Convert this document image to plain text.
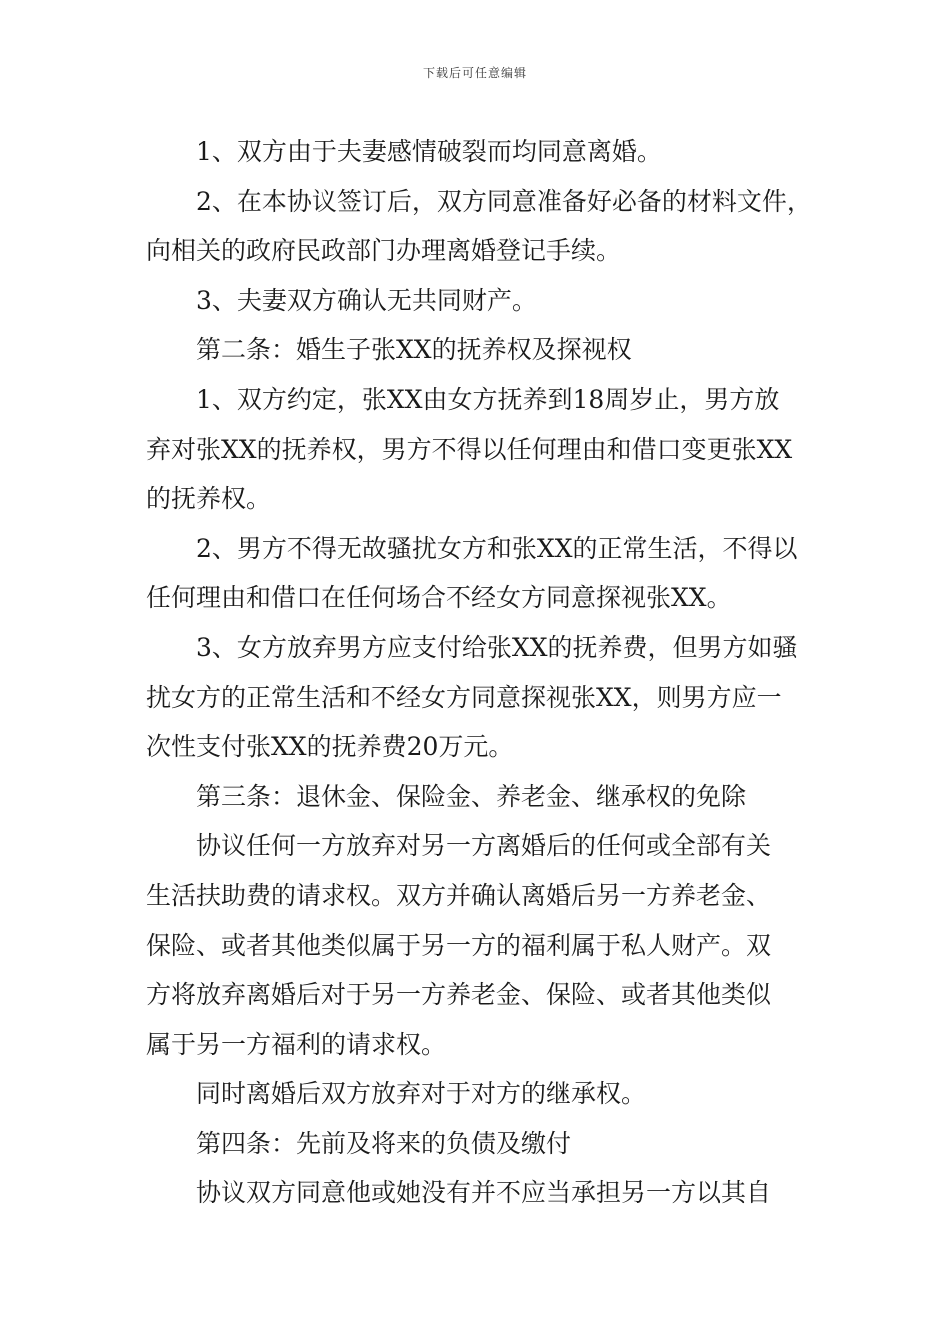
下载后可任意编辑
1、双方由于夫妻感情破裂而均同意离婚。
2、在本协议签订后，双方同意准备好必备的材料文件，
向相关的政府民政部门办理离婚登记手续。
3、夫妻双方确认无共同财产。
第二条：婚生子张XX的抚养权及探视权
1、双方约定，张XX由女方抚养到18周岁止，男方放
弃对张XX的抚养权，男方不得以任何理由和借口变更张XX
的抚养权。
2、男方不得无故骚扰女方和张XX的正常生活，不得以
任何理由和借口在任何场合不经女方同意探视张XX。
3、女方放弃男方应支付给张XX的抚养费，但男方如骚
扰女方的正常生活和不经女方同意探视张XX，则男方应一
次性支付张XX的抚养费20万元。
第三条：退休金、保险金、养老金、继承权的免除
协议任何一方放弃对另一方离婚后的任何或全部有关
生活扶助费的请求权。双方并确认离婚后另一方养老金、
保险、或者其他类似属于另一方的福利属于私人财产。双
方将放弃离婚后对于另一方养老金、保险、或者其他类似
属于另一方福利的请求权。
同时离婚后双方放弃对于对方的继承权。
第四条：先前及将来的负债及缴付
协议双方同意他或她没有并不应当承担另一方以其自
